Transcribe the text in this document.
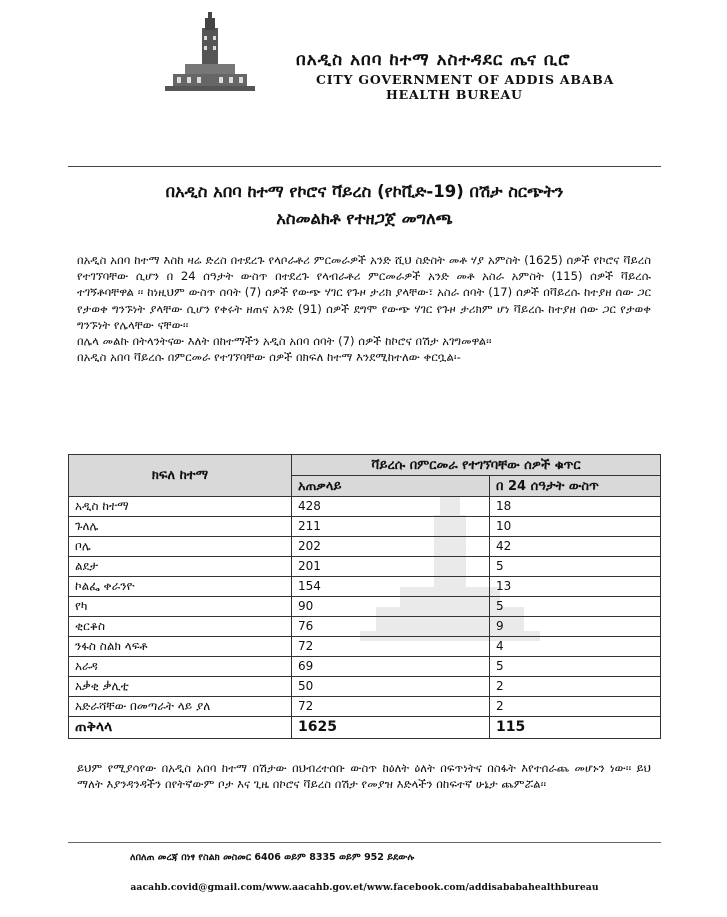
በአዲስ አበባ ከተማ አስተዳደር ጤና ቢሮ
CITY GOVERNMENT OF ADDIS ABABA
HEALTH BUREAU
በአዲስ አበባ ከተማ የኮሮና ቫይረስ (የኮቪድ-19) በሽታ ስርጭትን
አስመልክቶ የተዘጋጀ መግለጫ

በአዲስ አበባ ከተማ እስከ ዛሬ ድረስ በተደረጉ የላቦራቶሪ ምርመራዎች አንድ ሺህ ስድስት መቶ ሃያ አምስት (1625) ሰዎች የኮሮና ቫይረስ የተገኘባቸው ሲሆን በ 24 ሰዓታት ውስጥ በተደረጉ የላብራቶሪ ምርመራዎች አንድ መቶ አስራ አምስት (115) ሰዎች ቫይረሱ ተገኝቶባቸዋል ፡፡ ከነዚህም ውስጥ ሰባት (7) ሰዎች የውጭ ሃገር የጉዞ ታሪክ ያላቸው፣ አስራ ሰባት (17) ሰዎች በቫይረሱ ከተያዘ ሰው ጋር የታወቀ ግንኙነት ያላቸው ሲሆን የቀሩት ዘጠና አንድ (91) ሰዎች ደግሞ የውጭ ሃገር የጉዞ ታሪክም ሆነ ቫይረሱ ከተያዘ ሰው ጋር የታወቀ ግንኙነት የሌላቸው ናቸው፡፡

በሌላ መልኩ በትላንትናው እለት በከተማችን አዲስ አበባ ሰባት (7) ሰዎች ከኮሮና በሽታ አገግመዋል፡፡

በአዲስ አበባ ቫይረሱ በምርመራ የተገኘባቸው ሰዎች በክፍለ ከተማ እንደሚከተለው ቀርቧል፡-

ክፍለ ከተማ	ቫይረሱ በምርመራ የተገኘባቸው ሰዎች ቁጥር	
	አጠቃላይ	በ 24 ሰዓታት ውስጥ
አዲስ ከተማ	428	18
ጉለሌ	211	10
ቦሌ	202	42
ልደታ	201	5
ኮልፌ ቀራንዮ	154	13
የካ	90	5
ቂርቆስ	76	9
ንፋስ ስልክ ላፍቶ	72	4
አራዳ	69	5
አቃቂ ቃሊቲ	50	2
አድራሻቸው በመጣራት ላይ ያለ	72	2
ጠቅላላ	1625	115

ይህም የሚያሳየው በአዲስ አበባ ከተማ በሽታው በህብረተሰቡ ውስጥ ከዕለት ዕለት በፍጥነትና በስፋት እየተሰራጨ መሆኑን ነው፡፡ ይህ ማለት እያንዳንዳችን በየትኛውም ቦታ እና ጊዜ በኮሮና ቫይረስ በሽታ የመያዝ እድላችን በከፍተኛ ሁኔታ ጨምሯል፡፡

ለበለጠ መረጃ በነፃ የስልክ መስመር 6406 ወይም 8335 ወይም 952 ይደውሉ
aacahb.covid@gmail.com/www.aacahb.gov.et/www.facebook.com/addisababahealthbureau
